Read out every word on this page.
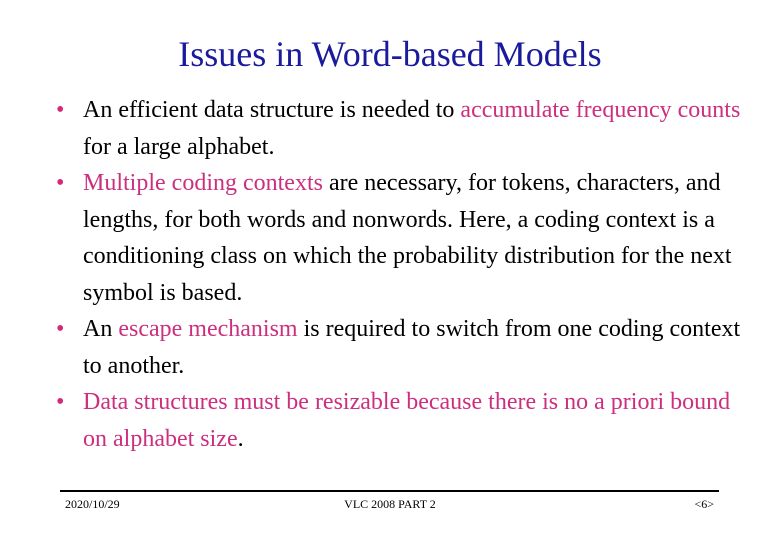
Issues in Word-based Models
• An efficient data structure is needed to accumulate frequency counts for a large alphabet.
• Multiple coding contexts are necessary, for tokens, characters, and lengths, for both words and nonwords. Here, a coding context is a conditioning class on which the probability distribution for the next symbol is based.
• An escape mechanism is required to switch from one coding context to another.
• Data structures must be resizable because there is no a priori bound on alphabet size.
2020/10/29	VLC 2008 PART 2	<6>
